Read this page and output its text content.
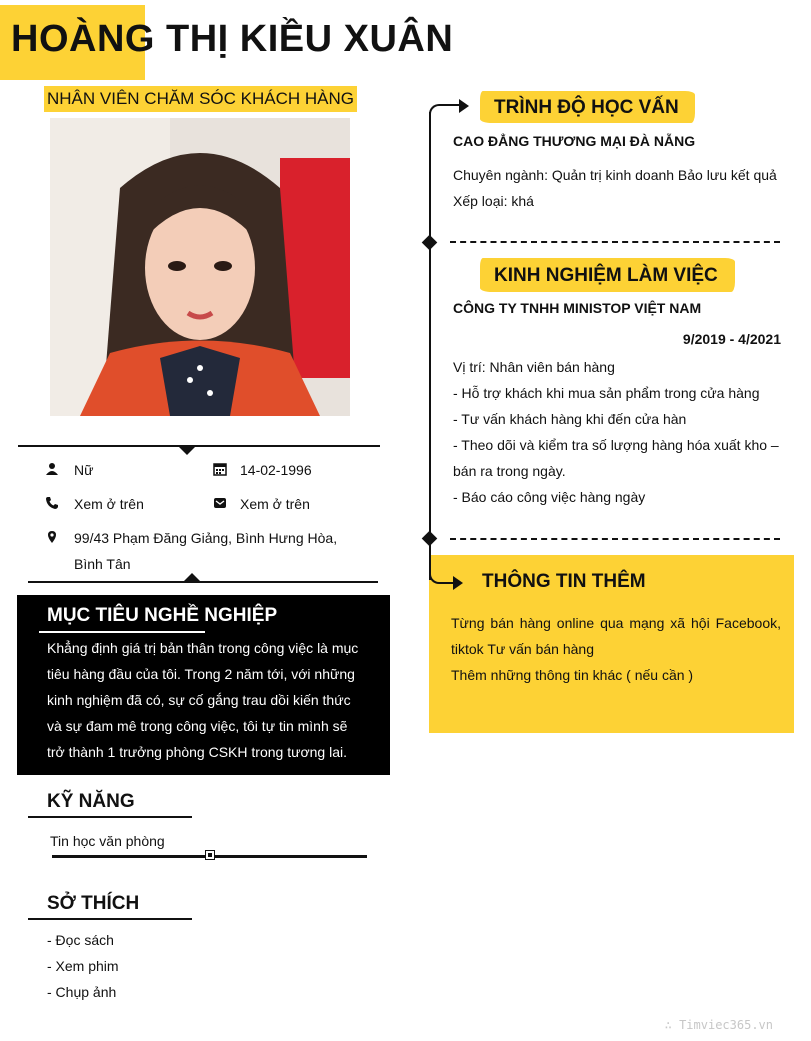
HOÀNG THỊ KIỀU XUÂN
NHÂN VIÊN CHĂM SÓC KHÁCH HÀNG
Nữ	14-02-1996
Xem ở trên	Xem ở trên
99/43 Phạm Đăng Giảng, Bình Hưng Hòa,
Bình Tân
MỤC TIÊU NGHỀ NGHIỆP
Khẳng định giá trị bản thân trong công việc là mục
tiêu hàng đầu của tôi. Trong 2 năm tới, với những
kinh nghiệm đã có, sự cố gắng trau dồi kiến thức
và sự đam mê trong công việc, tôi tự tin mình sẽ
trở thành 1 trưởng phòng CSKH trong tương lai.
KỸ NĂNG
Tin học văn phòng
SỞ THÍCH
- Đọc sách
- Xem phim
- Chụp ảnh
TRÌNH ĐỘ HỌC VẤN
CAO ĐẲNG THƯƠNG MẠI ĐÀ NẴNG
Chuyên ngành: Quản trị kinh doanh Bảo lưu kết quả
Xếp loại: khá
KINH NGHIỆM LÀM VIỆC
CÔNG TY TNHH MINISTOP VIỆT NAM
9/2019 - 4/2021
Vị trí: Nhân viên bán hàng
- Hỗ trợ khách khi mua sản phẩm trong cửa hàng
- Tư vấn khách hàng khi đến cửa hàn
- Theo dõi và kiểm tra số lượng hàng hóa xuất kho –
bán ra trong ngày.
- Báo cáo công việc hàng ngày
THÔNG TIN THÊM
Từng bán hàng online qua mạng xã hội Facebook,
tiktok Tư vấn bán hàng
Thêm những thông tin khác ( nếu cần )
∴ Timviec365.vn
